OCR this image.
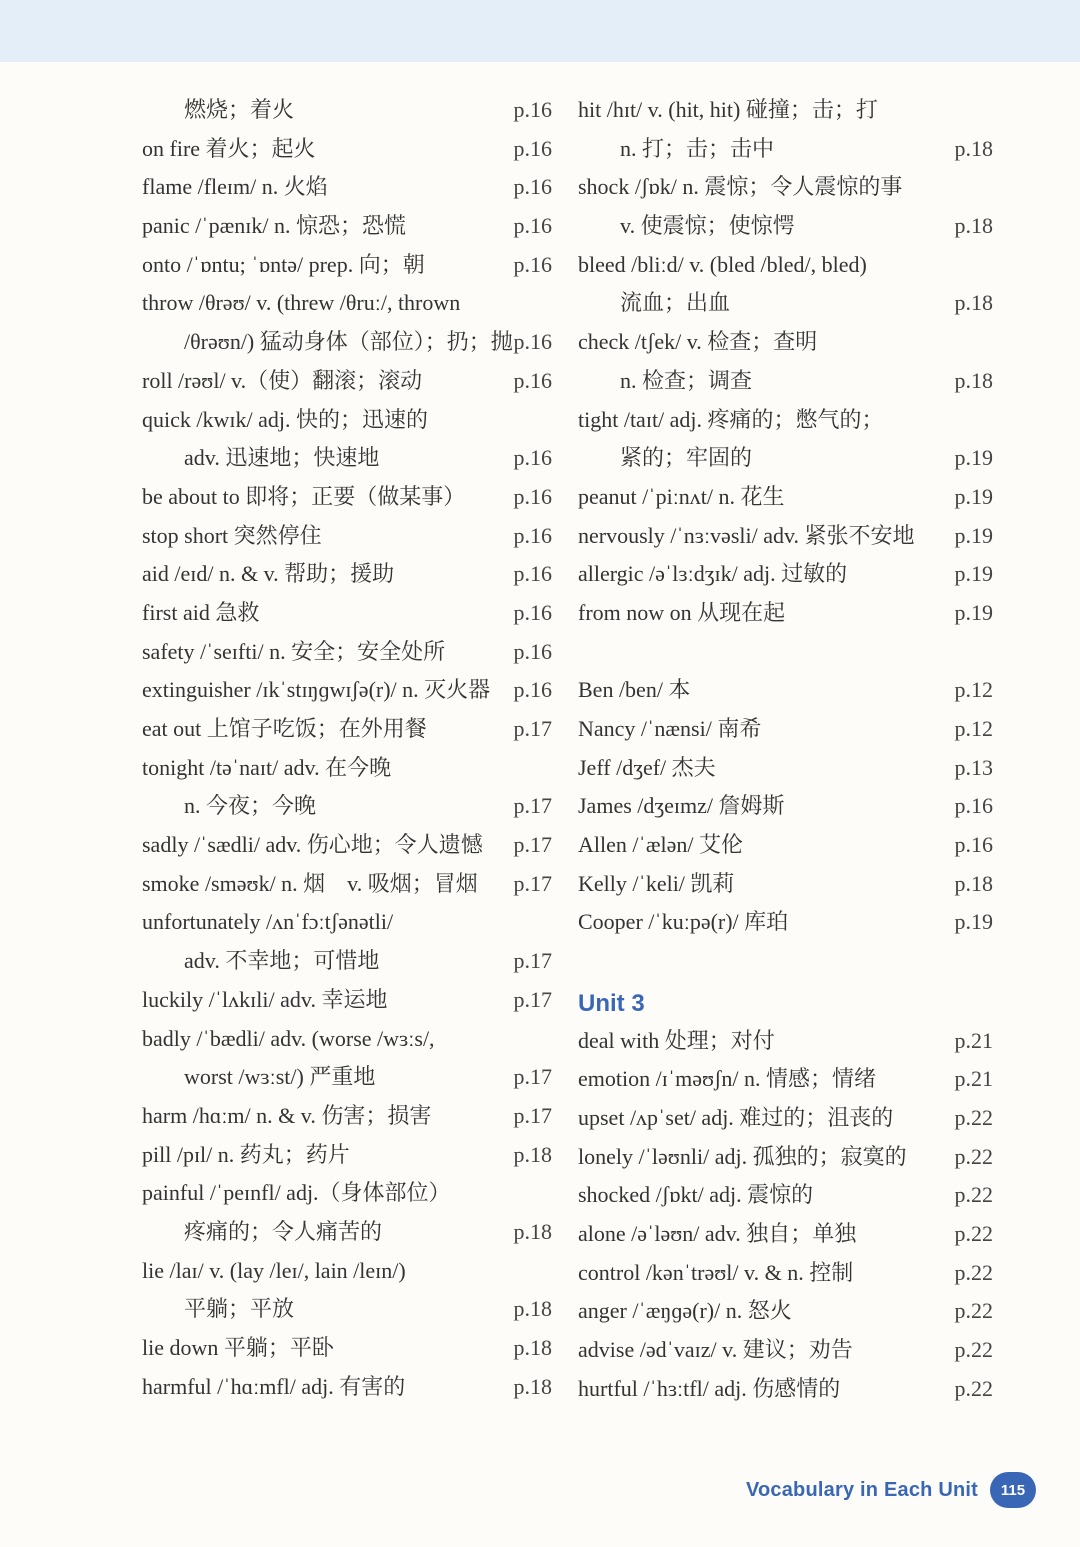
燃烧；着火	p.16
on fire 着火；起火	p.16
flame /fleɪm/ n. 火焰	p.16
panic /ˈpænɪk/ n. 惊恐；恐慌	p.16
onto /ˈɒntu; ˈɒntə/ prep. 向；朝	p.16
throw /θrəʊ/ v. (threw /θruː/, thrown
/θrəʊn/) 猛动身体（部位）；扔；抛 p.16
roll /rəʊl/ v.（使）翻滚；滚动	p.16
quick /kwɪk/ adj. 快的；迅速的
adv. 迅速地；快速地	p.16
be about to 即将；正要（做某事） p.16
stop short 突然停住	p.16
aid /eɪd/ n. & v. 帮助；援助	p.16
first aid 急救	p.16
safety /ˈseɪfti/ n. 安全；安全处所	p.16
extinguisher /ɪkˈstɪŋɡwɪʃə(r)/ n. 灭火器 p.16
eat out 上馆子吃饭；在外用餐	p.17
tonight /təˈnaɪt/ adv. 在今晚
n. 今夜；今晚	p.17
sadly /ˈsædli/ adv. 伤心地；令人遗憾 p.17
smoke /sməʊk/ n. 烟　v. 吸烟；冒烟 p.17
unfortunately /ʌnˈfɔːtʃənətli/
adv. 不幸地；可惜地	p.17
luckily /ˈlʌkɪli/ adv. 幸运地	p.17
badly /ˈbædli/ adv. (worse /wɜːs/,
worst /wɜːst/) 严重地	p.17
harm /hɑːm/ n. & v. 伤害；损害	p.17
pill /pɪl/ n. 药丸；药片	p.18
painful /ˈpeɪnfl/ adj.（身体部位）
疼痛的；令人痛苦的	p.18
lie /laɪ/ v. (lay /leɪ/, lain /leɪn/)
平躺；平放	p.18
lie down 平躺；平卧	p.18
harmful /ˈhɑːmfl/ adj. 有害的	p.18
hit /hɪt/ v. (hit, hit) 碰撞；击；打
n. 打；击；击中	p.18
shock /ʃɒk/ n. 震惊；令人震惊的事
v. 使震惊；使惊愕	p.18
bleed /bliːd/ v. (bled /bled/, bled)
流血；出血	p.18
check /tʃek/ v. 检查；查明
n. 检查；调查	p.18
tight /taɪt/ adj. 疼痛的；憋气的；
紧的；牢固的	p.19
peanut /ˈpiːnʌt/ n. 花生	p.19
nervously /ˈnɜːvəsli/ adv. 紧张不安地 p.19
allergic /əˈlɜːdʒɪk/ adj. 过敏的	p.19
from now on 从现在起	p.19
Ben /ben/ 本	p.12
Nancy /ˈnænsi/ 南希	p.12
Jeff /dʒef/ 杰夫	p.13
James /dʒeɪmz/ 詹姆斯	p.16
Allen /ˈælən/ 艾伦	p.16
Kelly /ˈkeli/ 凯莉	p.18
Cooper /ˈkuːpə(r)/ 库珀	p.19
Unit 3
deal with 处理；对付	p.21
emotion /ɪˈməʊʃn/ n. 情感；情绪	p.21
upset /ʌpˈset/ adj. 难过的；沮丧的	p.22
lonely /ˈləʊnli/ adj. 孤独的；寂寞的 p.22
shocked /ʃɒkt/ adj. 震惊的	p.22
alone /əˈləʊn/ adv. 独自；单独	p.22
control /kənˈtrəʊl/ v. & n. 控制	p.22
anger /ˈæŋɡə(r)/ n. 怒火	p.22
advise /ədˈvaɪz/ v. 建议；劝告	p.22
hurtful /ˈhɜːtfl/ adj. 伤感情的	p.22
Vocabulary in Each Unit	115
